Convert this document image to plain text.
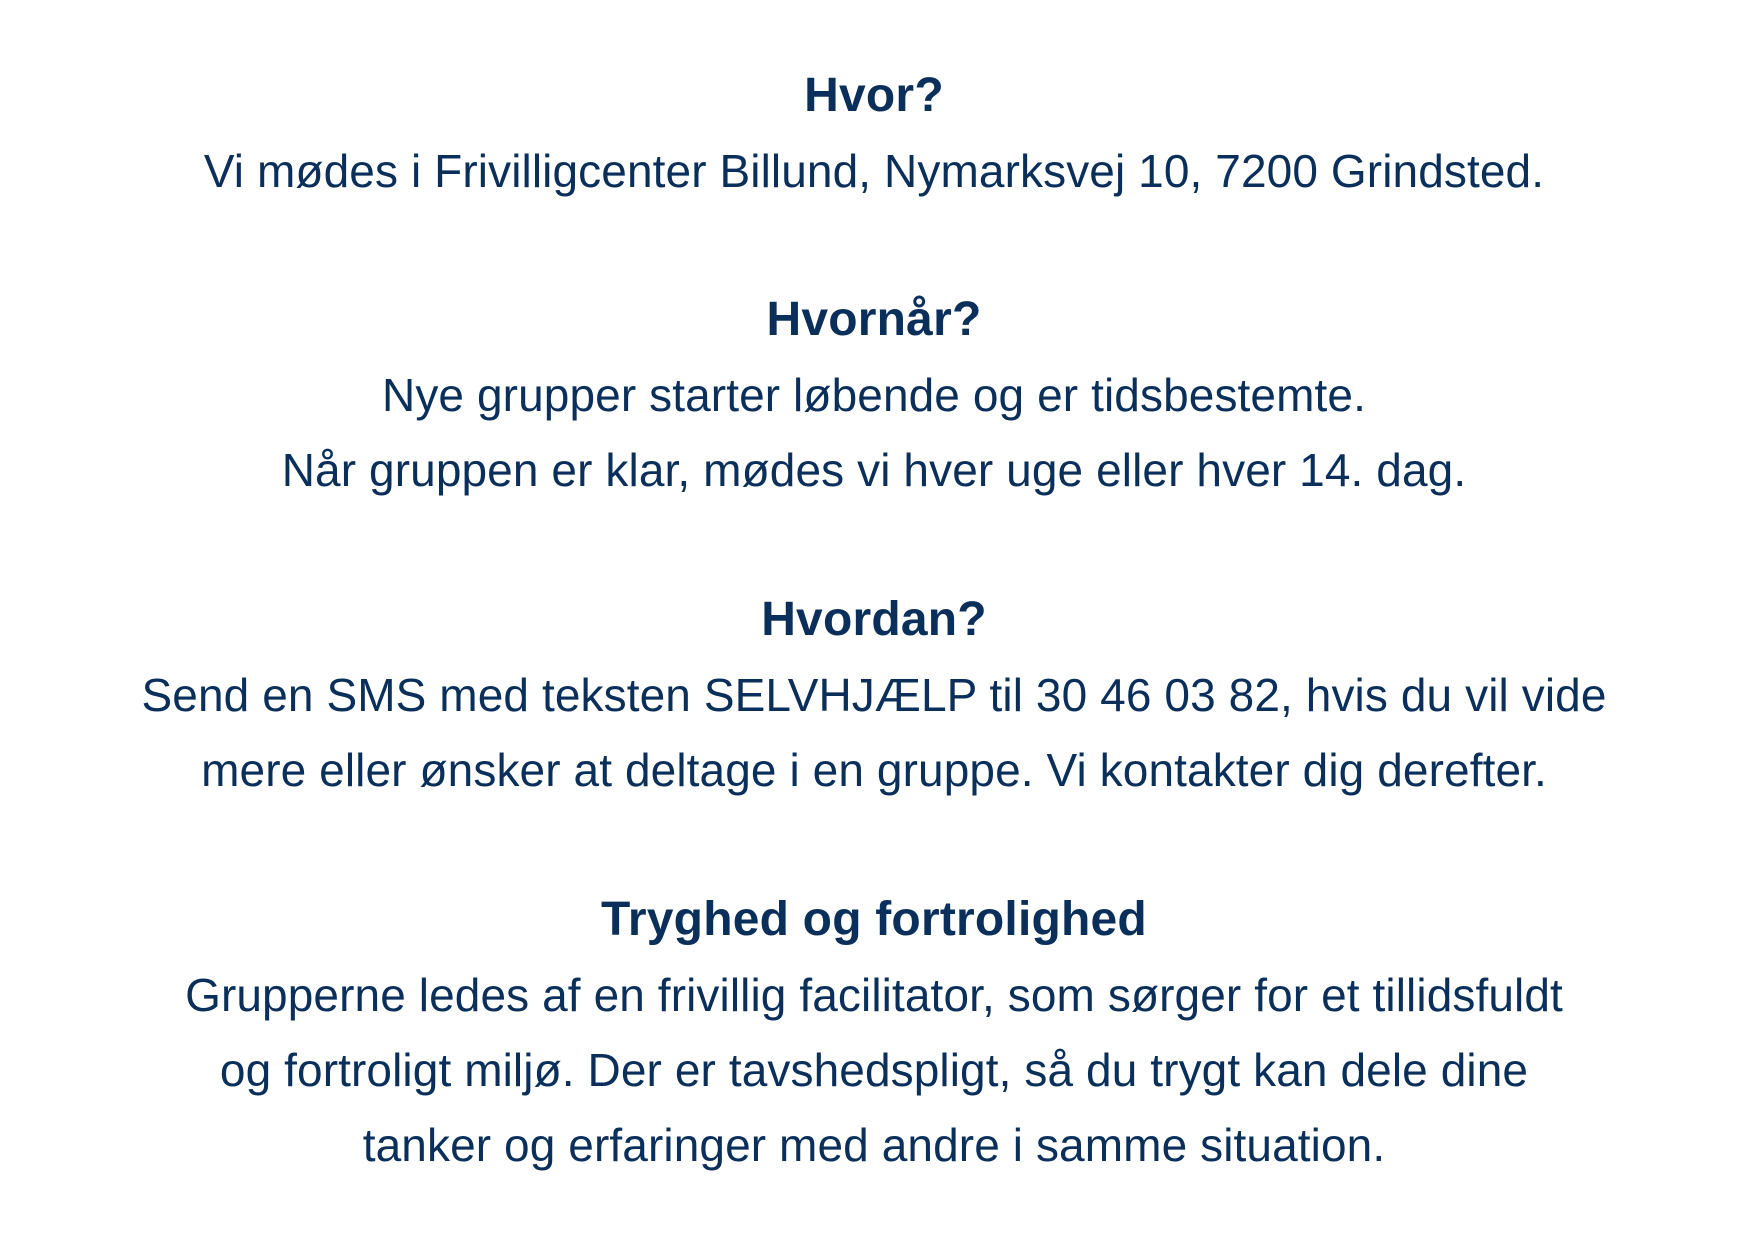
Hvor?

Vi mødes i Frivilligcenter Billund, Nymarksvej 10, 7200 Grindsted.

Hvornår?

Nye grupper starter løbende og er tidsbestemte.

Når gruppen er klar, mødes vi hver uge eller hver 14. dag.

Hvordan?

Send en SMS med teksten SELVHJÆLP til 30 46 03 82, hvis du vil vide

mere eller ønsker at deltage i en gruppe. Vi kontakter dig derefter.

Tryghed og fortrolighed

Grupperne ledes af en frivillig facilitator, som sørger for et tillidsfuldt

og fortroligt miljø. Der er tavshedspligt, så du trygt kan dele dine

tanker og erfaringer med andre i samme situation.
